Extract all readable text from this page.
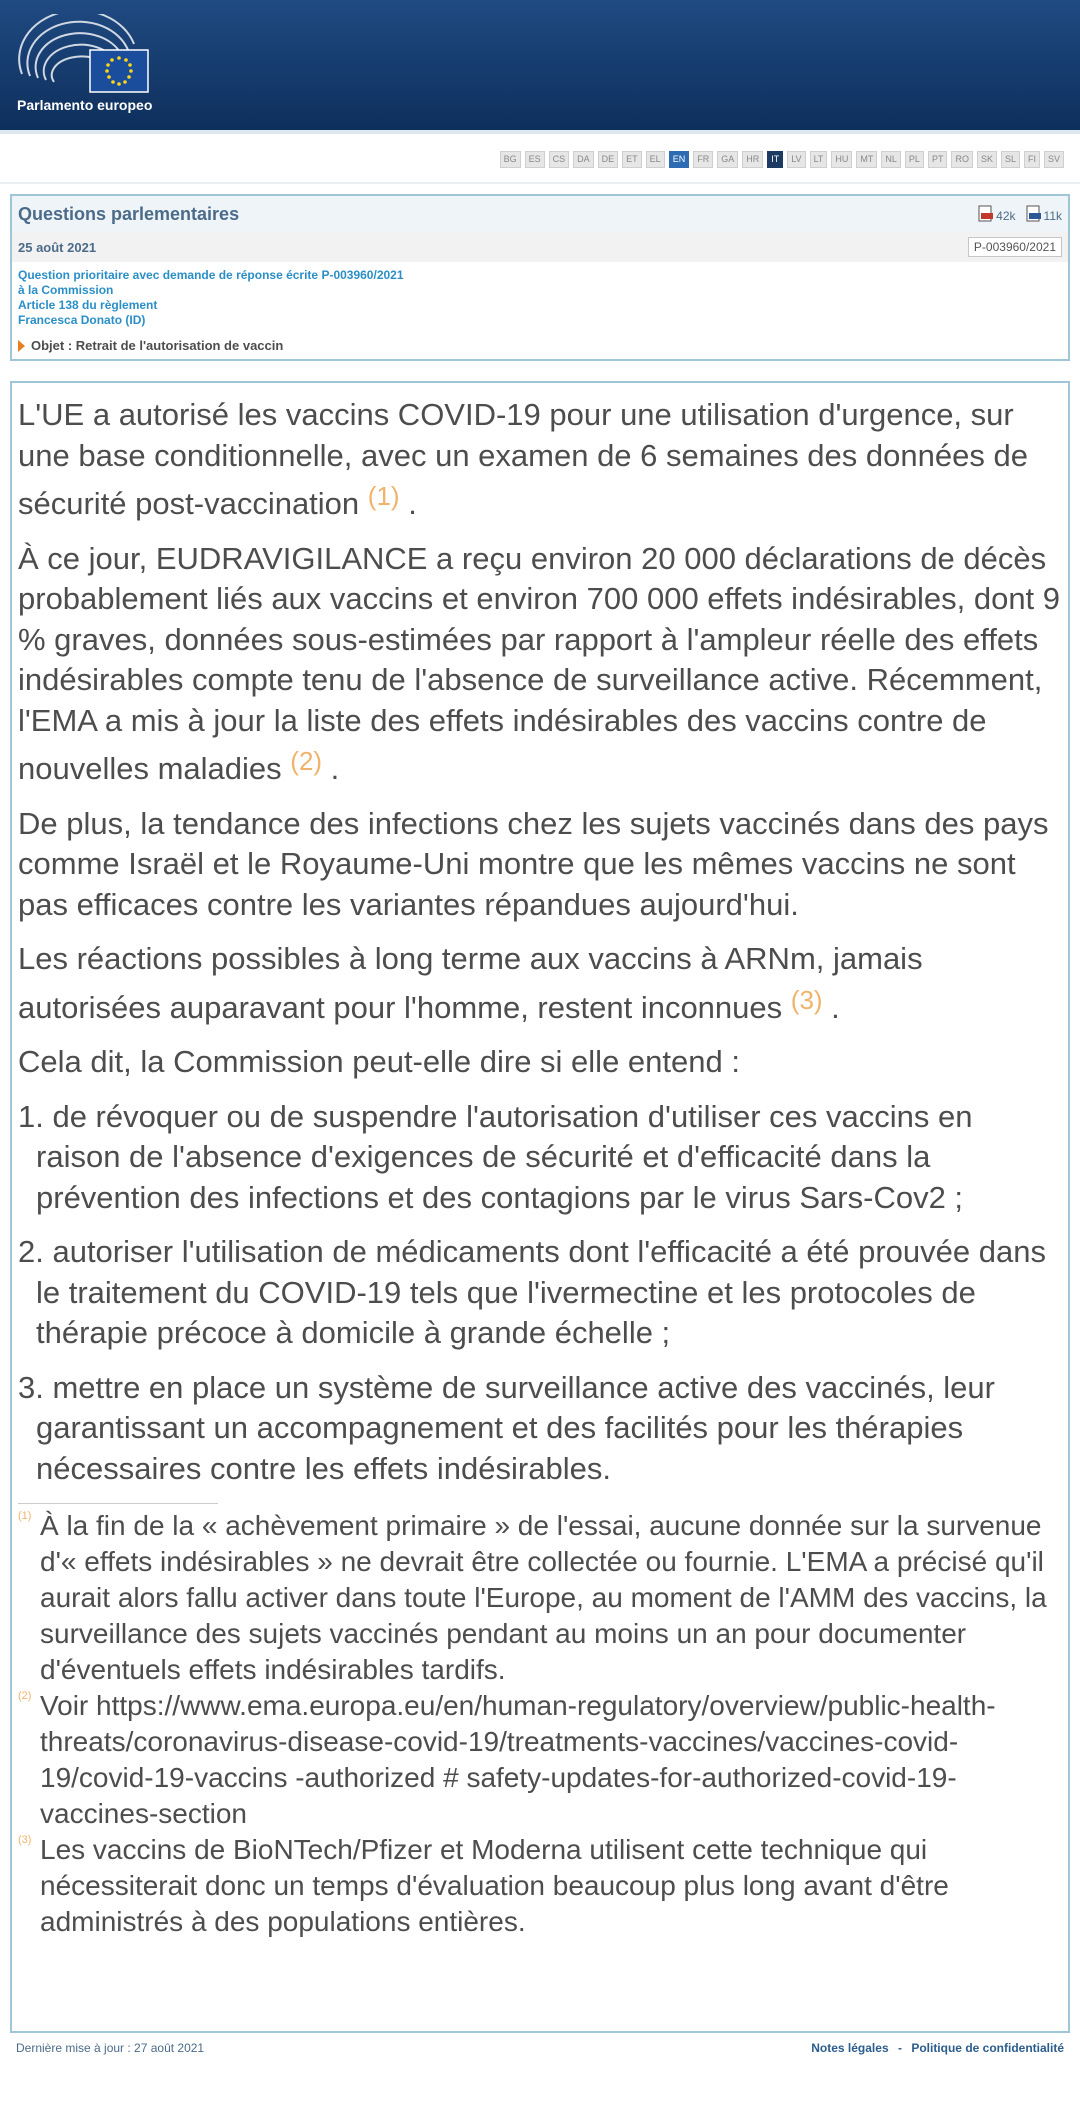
Parlamento europeo
BG	ES	CS	DA	DE	ET	EL	EN	FR	GA	HR	IT	LV	LT	HU	MT	NL	PL	PT	RO	SK	SL	FI	SV
Questions parlementaires	42k 11k
25 août 2021	P-003960/2021
Question prioritaire avec demande de réponse écrite P-003960/2021
à la Commission
Article 138 du règlement
Francesca Donato (ID)
Objet : Retrait de l'autorisation de vaccin

L'UE a autorisé les vaccins COVID-19 pour une utilisation d'urgence, sur une base conditionnelle, avec un examen de 6 semaines des données de sécurité post-vaccination $^{(1)}$ .

À ce jour, EUDRAVIGILANCE a reçu environ 20 000 déclarations de décès probablement liés aux vaccins et environ 700 000 effets indésirables, dont 9 % graves, données sous-estimées par rapport à l'ampleur réelle des effets indésirables compte tenu de l'absence de surveillance active. Récemment, l'EMA a mis à jour la liste des effets indésirables des vaccins contre de nouvelles maladies $^{(2)}$ .

De plus, la tendance des infections chez les sujets vaccinés dans des pays comme Israël et le Royaume-Uni montre que les mêmes vaccins ne sont pas efficaces contre les variantes répandues aujourd'hui.

Les réactions possibles à long terme aux vaccins à ARNm, jamais autorisées auparavant pour l'homme, restent inconnues $^{(3)}$ .

Cela dit, la Commission peut-elle dire si elle entend :

1. de révoquer ou de suspendre l'autorisation d'utiliser ces vaccins en raison de l'absence d'exigences de sécurité et d'efficacité dans la prévention des infections et des contagions par le virus Sars-Cov2 ;
2. autoriser l'utilisation de médicaments dont l'efficacité a été prouvée dans le traitement du COVID-19 tels que l'ivermectine et les protocoles de thérapie précoce à domicile à grande échelle ;
3. mettre en place un système de surveillance active des vaccinés, leur garantissant un accompagnement et des facilités pour les thérapies nécessaires contre les effets indésirables.
(1) À la fin de la « achèvement primaire » de l'essai, aucune donnée sur la survenue d'« effets indésirables » ne devrait être collectée ou fournie. L'EMA a précisé qu'il aurait alors fallu activer dans toute l'Europe, au moment de l'AMM des vaccins, la surveillance des sujets vaccinés pendant au moins un an pour documenter d'éventuels effets indésirables tardifs.
(2) Voir https://www.ema.europa.eu/en/human-regulatory/overview/public-health-threats/coronavirus-disease-covid-19/treatments-vaccines/vaccines-covid-19/covid-19-vaccins -authorized # safety-updates-for-authorized-covid-19-vaccines-section
(3) Les vaccins de BioNTech/Pfizer et Moderna utilisent cette technique qui nécessiterait donc un temps d'évaluation beaucoup plus long avant d'être administrés à des populations entières.
Dernière mise à jour : 27 août 2021	Notes légales - Politique de confidentialité
